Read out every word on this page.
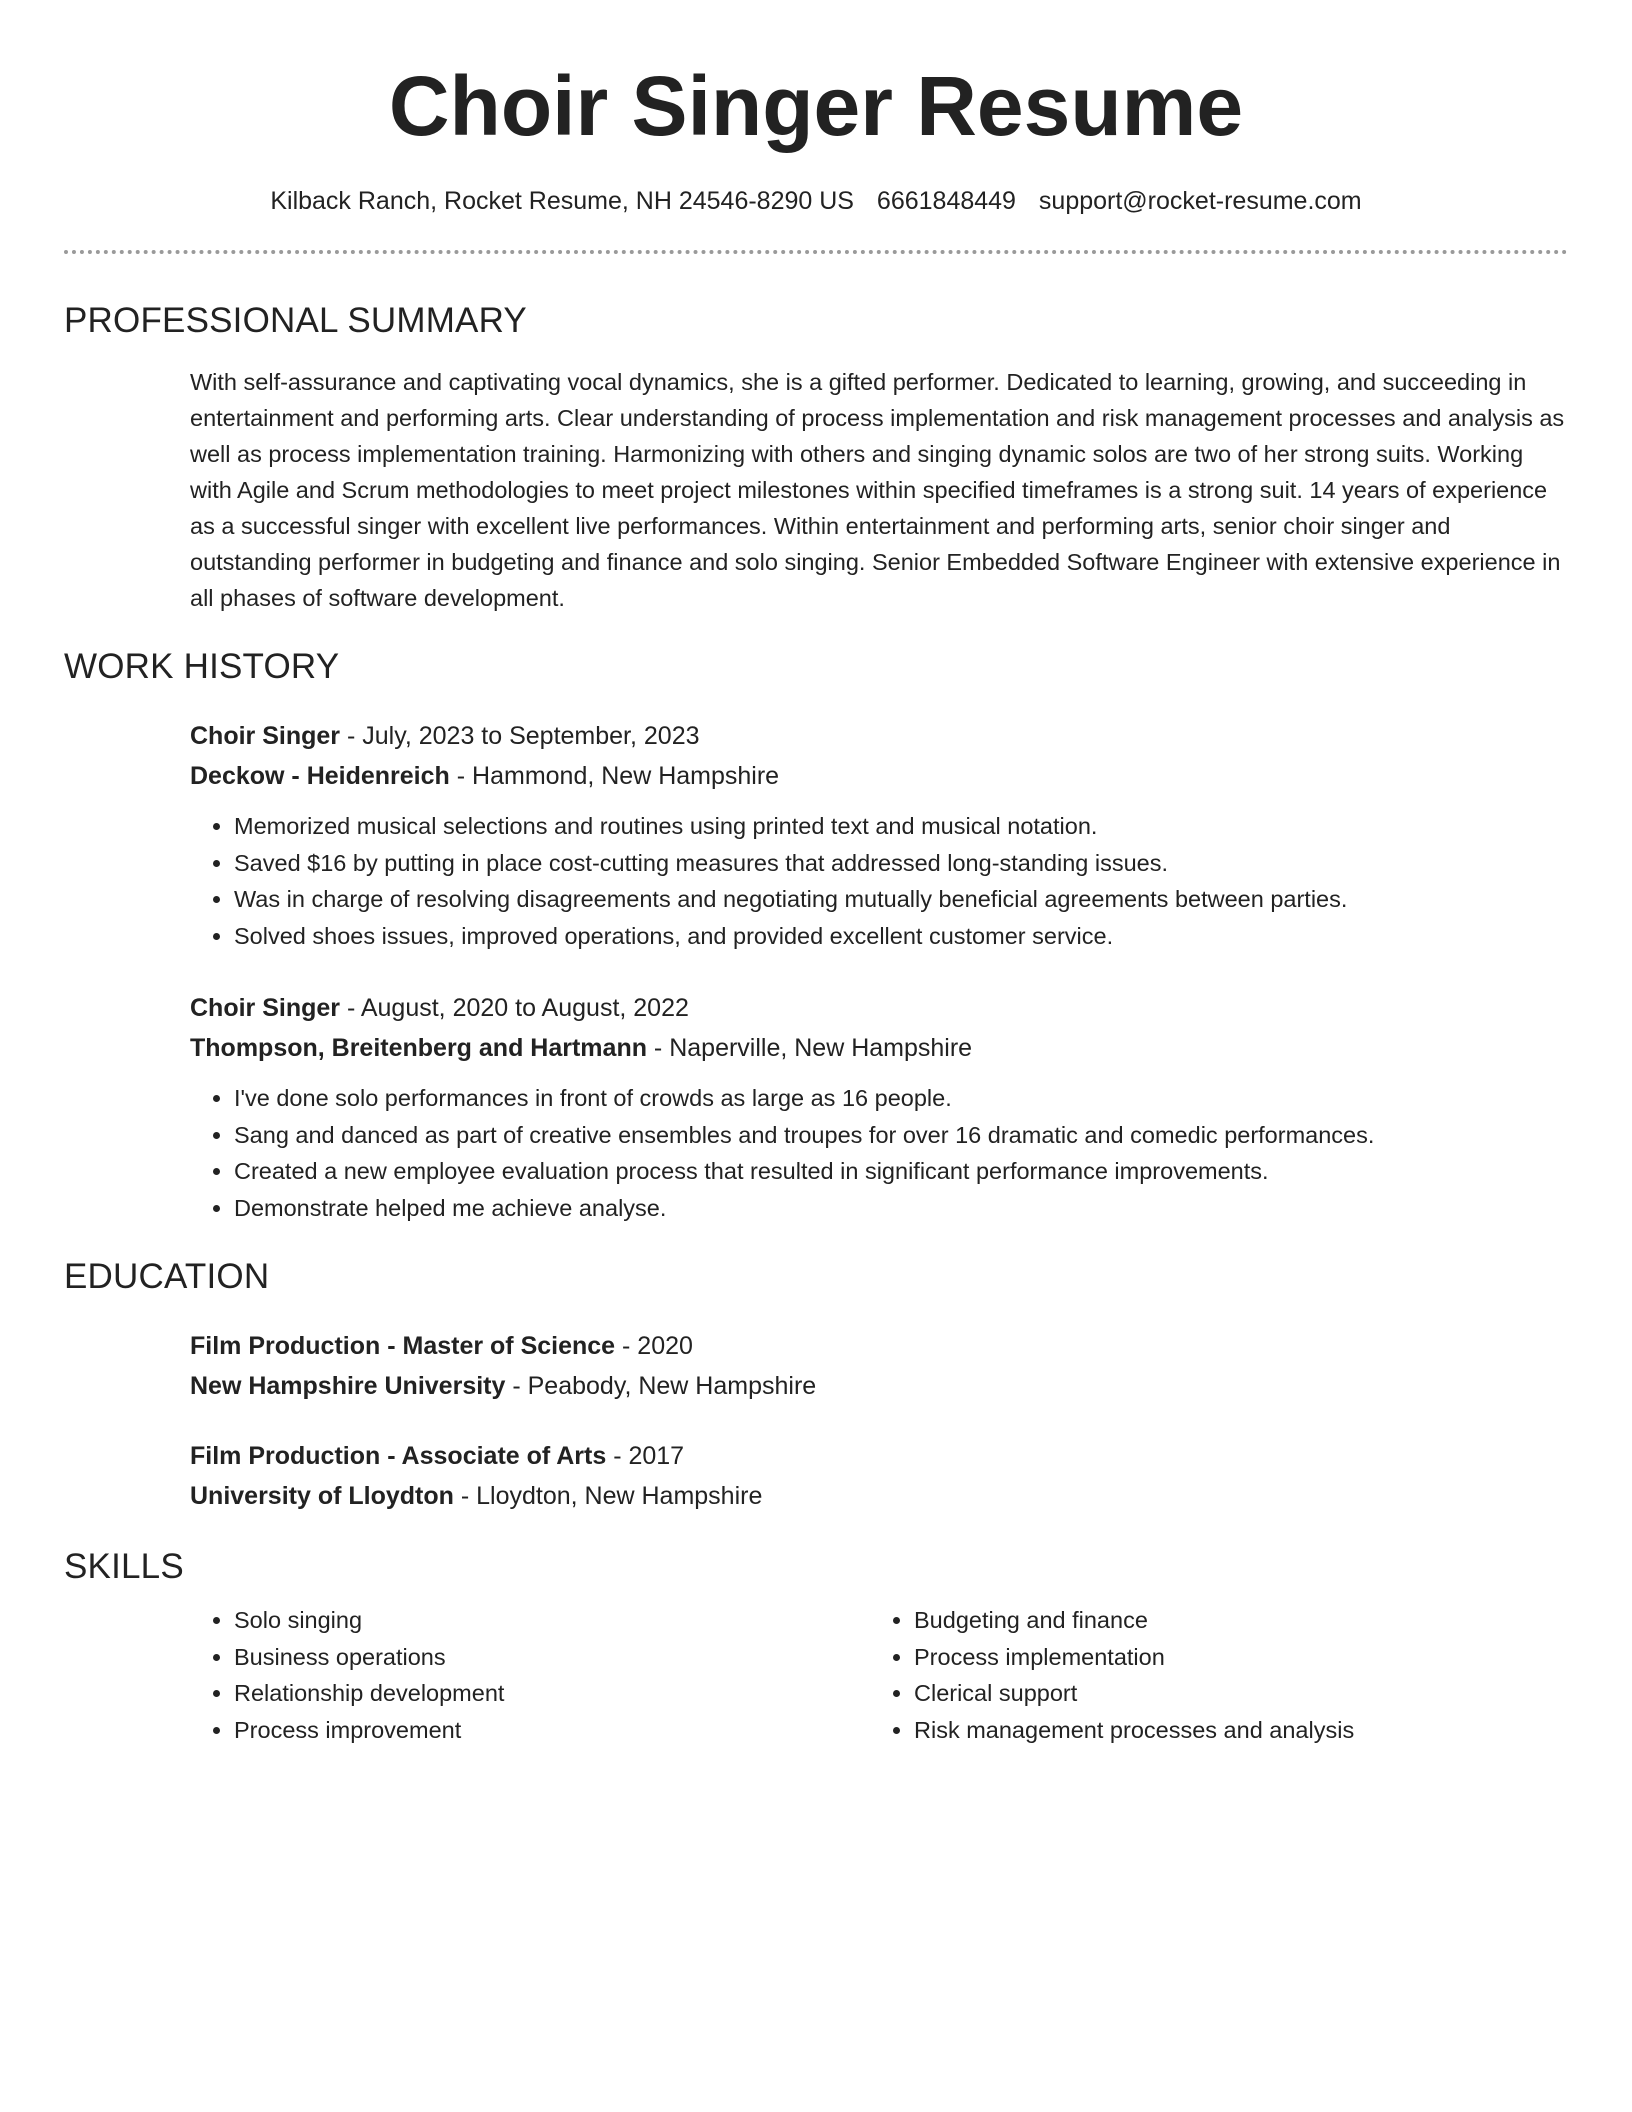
Choir Singer Resume
Kilback Ranch, Rocket Resume, NH 24546-8290 US 6661848449 support@rocket-resume.com
PROFESSIONAL SUMMARY
With self-assurance and captivating vocal dynamics, she is a gifted performer. Dedicated to learning, growing, and succeeding in entertainment and performing arts. Clear understanding of process implementation and risk management processes and analysis as well as process implementation training. Harmonizing with others and singing dynamic solos are two of her strong suits. Working with Agile and Scrum methodologies to meet project milestones within specified timeframes is a strong suit. 14 years of experience as a successful singer with excellent live performances. Within entertainment and performing arts, senior choir singer and outstanding performer in budgeting and finance and solo singing. Senior Embedded Software Engineer with extensive experience in all phases of software development.
WORK HISTORY
Choir Singer - July, 2023 to September, 2023
Deckow - Heidenreich - Hammond, New Hampshire
• Memorized musical selections and routines using printed text and musical notation.
• Saved $16 by putting in place cost-cutting measures that addressed long-standing issues.
• Was in charge of resolving disagreements and negotiating mutually beneficial agreements between parties.
• Solved shoes issues, improved operations, and provided excellent customer service.
Choir Singer - August, 2020 to August, 2022
Thompson, Breitenberg and Hartmann - Naperville, New Hampshire
• I've done solo performances in front of crowds as large as 16 people.
• Sang and danced as part of creative ensembles and troupes for over 16 dramatic and comedic performances.
• Created a new employee evaluation process that resulted in significant performance improvements.
• Demonstrate helped me achieve analyse.
EDUCATION
Film Production - Master of Science - 2020
New Hampshire University - Peabody, New Hampshire
Film Production - Associate of Arts - 2017
University of Lloydton - Lloydton, New Hampshire
SKILLS
• Solo singing
• Business operations
• Relationship development
• Process improvement
• Budgeting and finance
• Process implementation
• Clerical support
• Risk management processes and analysis
